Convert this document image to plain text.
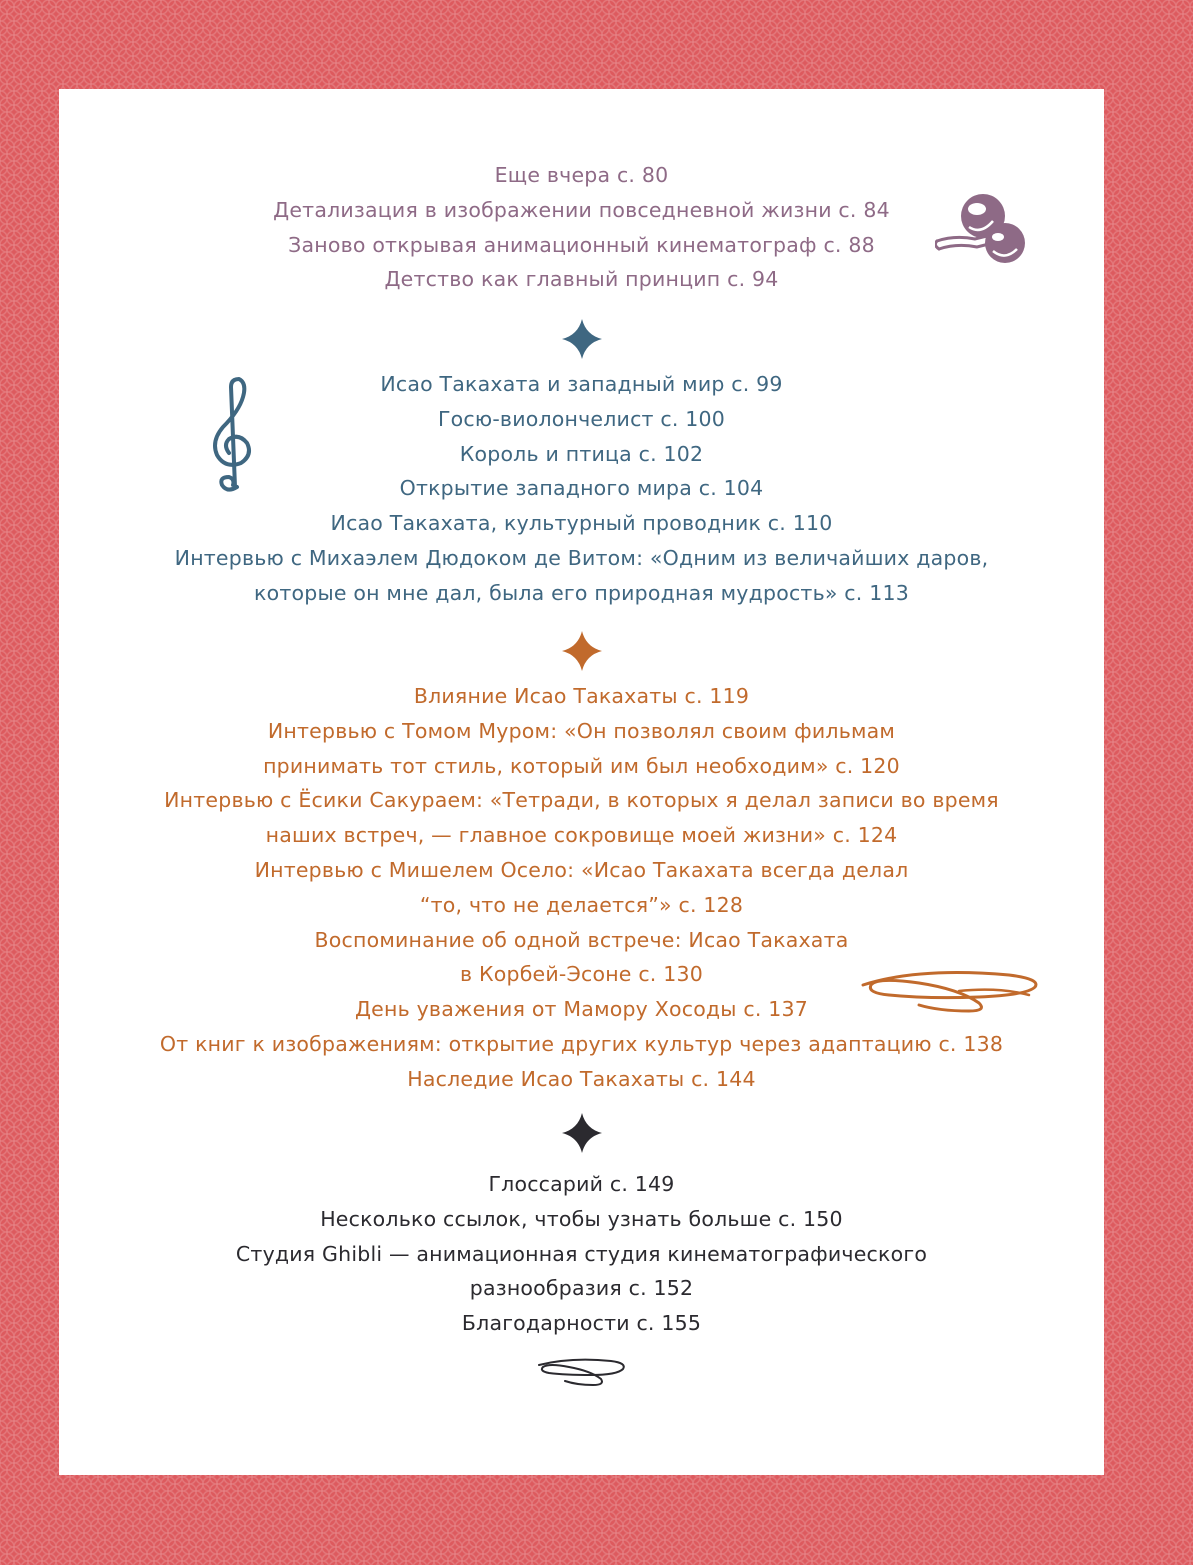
Еще вчера с. 80
Детализация в изображении повседневной жизни с. 84
Заново открывая анимационный кинематограф с. 88
Детство как главный принцип с. 94
Исао Такахата и западный мир с. 99
Госю-виолончелист с. 100
Король и птица с. 102
Открытие западного мира с. 104
Исао Такахата, культурный проводник с. 110
Интервью с Михаэлем Дюдоком де Витом: «Одним из величайших даров,
которые он мне дал, была его природная мудрость» с. 113
Влияние Исао Такахаты с. 119
Интервью с Томом Муром: «Он позволял своим фильмам
принимать тот стиль, который им был необходим» с. 120
Интервью с Ёсики Сакураем: «Тетради, в которых я делал записи во время
наших встреч, — главное сокровище моей жизни» с. 124
Интервью с Мишелем Осело: «Исао Такахата всегда делал
“то, что не делается”» с. 128
Воспоминание об одной встрече: Исао Такахата
в Корбей-Эсоне с. 130
День уважения от Мамору Хосоды с. 137
От книг к изображениям: открытие других культур через адаптацию с. 138
Наследие Исао Такахаты с. 144
Глоссарий с. 149
Несколько ссылок, чтобы узнать больше с. 150
Студия Ghibli — анимационная студия кинематографического
разнообразия с. 152
Благодарности с. 155
